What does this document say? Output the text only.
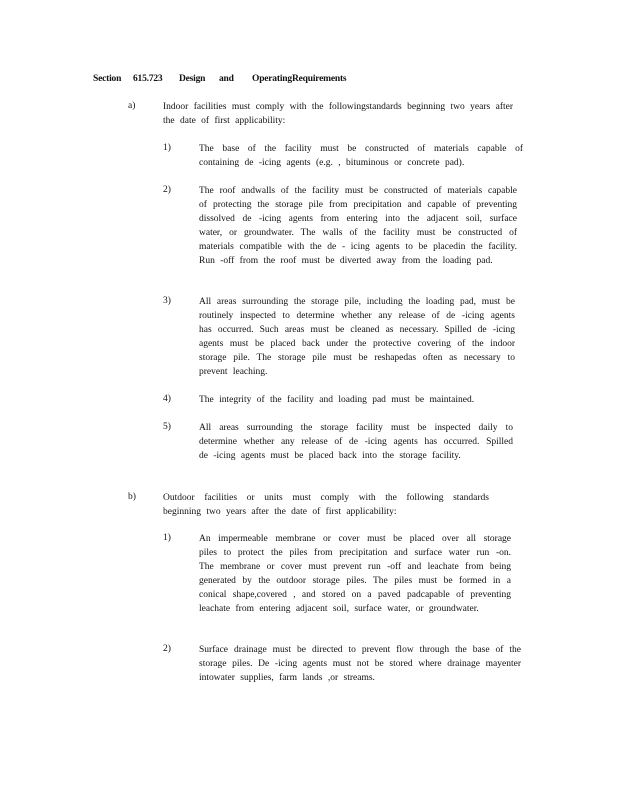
Section 615.723 Design and OperatingRequirements
a)	Indoor facilities must comply with the followingstandards beginning two years after the date of first applicability:
1)	The base of the facility must be constructed of materials capable of containing de -icing agents (e.g. , bituminous or concrete pad).
2)	The roof andwalls of the facility must be constructed of materials capable of protecting the storage pile from precipitation and capable of preventing dissolved de -icing agents from entering into the adjacent soil, surface water, or groundwater. The walls of the facility must be constructed of materials compatible with the de - icing agents to be placedin the facility. Run -off from the roof must be diverted away from the loading pad.
3)	All areas surrounding the storage pile, including the loading pad, must be routinely inspected to determine whether any release of de -icing agents has occurred. Such areas must be cleaned as necessary. Spilled de -icing agents must be placed back under the protective covering of the indoor storage pile. The storage pile must be reshapedas often as necessary to prevent leaching.
4)	The integrity of the facility and loading pad must be maintained.
5)	All areas surrounding the storage facility must be inspected daily to determine whether any release of de -icing agents has occurred. Spilled de -icing agents must be placed back into the storage facility.
b)	Outdoor facilities or units must comply with the following standards beginning two years after the date of first applicability:
1)	An impermeable membrane or cover must be placed over all storage piles to protect the piles from precipitation and surface water run -on. The membrane or cover must prevent run -off and leachate from being generated by the outdoor storage piles. The piles must be formed in a conical shape,covered , and stored on a paved padcapable of preventing leachate from entering adjacent soil, surface water, or groundwater.
2)	Surface drainage must be directed to prevent flow through the base of the storage piles. De -icing agents must not be stored where drainage mayenter intowater supplies, farm lands ,or streams.
